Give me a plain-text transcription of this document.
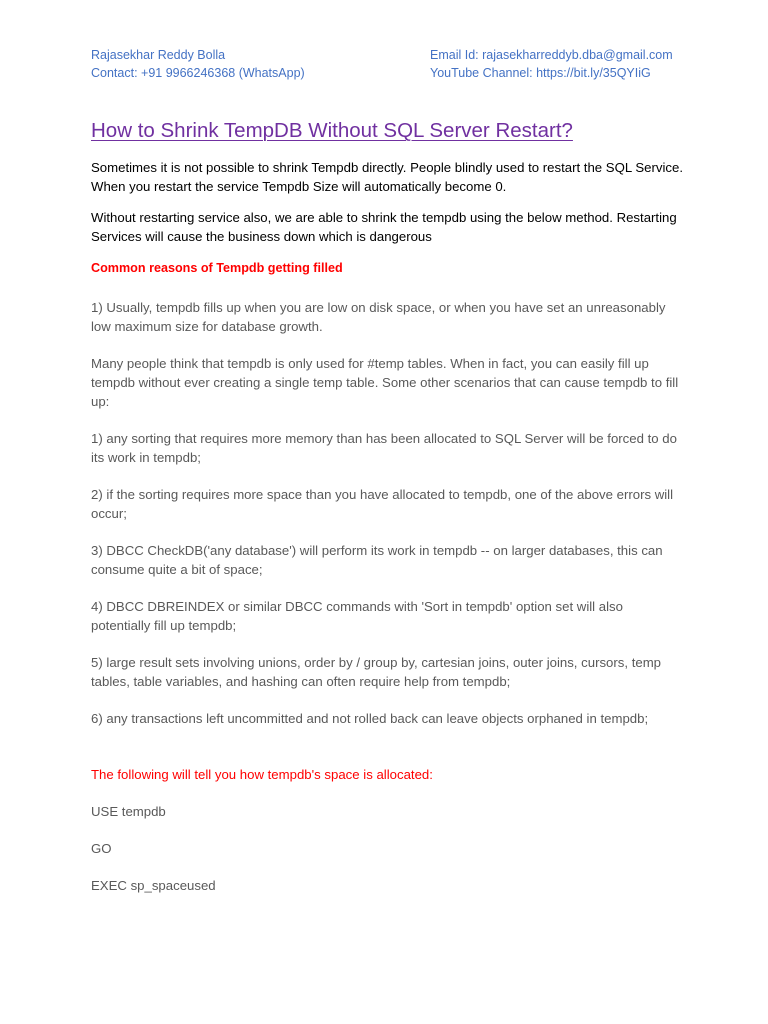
Rajasekhar Reddy Bolla
Contact: +91 9966246368 (WhatsApp)
Email Id: rajasekharreddyb.dba@gmail.com
YouTube Channel: https://bit.ly/35QYIiG
How to Shrink TempDB Without SQL Server Restart?

Sometimes it is not possible to shrink Tempdb directly. People blindly used to restart the SQL Service. When you restart the service Tempdb Size will automatically become 0.

Without restarting service also, we are able to shrink the tempdb using the below method. Restarting Services will cause the business down which is dangerous

Common reasons of Tempdb getting filled

1) Usually, tempdb fills up when you are low on disk space, or when you have set an unreasonably low maximum size for database growth.

Many people think that tempdb is only used for #temp tables. When in fact, you can easily fill up tempdb without ever creating a single temp table. Some other scenarios that can cause tempdb to fill up:

1) any sorting that requires more memory than has been allocated to SQL Server will be forced to do its work in tempdb;

2) if the sorting requires more space than you have allocated to tempdb, one of the above errors will occur;

3) DBCC CheckDB('any database') will perform its work in tempdb -- on larger databases, this can consume quite a bit of space;

4) DBCC DBREINDEX or similar DBCC commands with 'Sort in tempdb' option set will also potentially fill up tempdb;

5) large result sets involving unions, order by / group by, cartesian joins, outer joins, cursors, temp tables, table variables, and hashing can often require help from tempdb;

6) any transactions left uncommitted and not rolled back can leave objects orphaned in tempdb;

The following will tell you how tempdb's space is allocated:

USE tempdb

GO

EXEC sp_spaceused
